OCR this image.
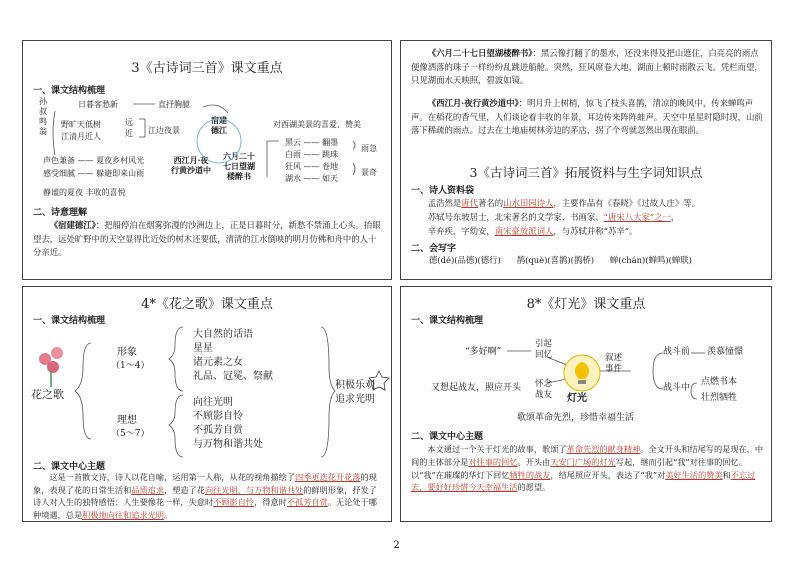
3《古诗词三首》课文重点
一、课文结构梳理
孙
叔
鸣
翁
日暮客愁新
野旷天低树
江清月近人
直抒胸臆
江边夜景
远
近
声色兼备 —— 夏夜乡村风光
感受细腻 —— 躲避即来山雨
静谧的夏夜 丰收的喜悦
宿建
德江
西江月·夜
行黄沙道中
六月二十
七日望湖
楼醉书
对西湖美景的喜爱、赞美
黑云 —— 翻墨
白雨 —— 跳珠
狂风 —— 卷地
湖水 —— 如天
雨急
景奇
二、诗意理解
《宿建德江》：把船停泊在烟雾弥漫的沙洲边上，正是日暮时分，新愁不禁涌上心头。抬眼望去，远处旷野中的天空显得比近处的树木还要低，清清的江水倒映的明月仿佛和舟中的人十分亲近。
《六月二十七日望湖楼醉书》：黑云像打翻了的墨水，还没来得及把山遮住，白亮亮的雨点便像洒落的珠子一样纷纷乱跳进船舱。突然，狂风席卷大地，湖面上顿时雨散云飞。凭栏而望，只见湖面水天映照，碧波如镜。
《西江月·夜行黄沙道中》：明月升上树梢，惊飞了枝头喜鹊，清凉的晚风中，传来蝉鸣声声。在稻花的香气里，人们谈论着丰收的年景，耳边传来阵阵蛙声。天空中星星时隐时现，山前落下稀疏的雨点。过去在土地庙树林旁边的茅店，拐了个弯就忽然出现在眼前。
3《古诗词三首》拓展资料与生字词知识点
一、诗人资料袋
孟浩然是唐代著名的山水田园诗人，主要作品有《春晓》《过故人庄》等。
苏轼号东坡居士，北宋著名的文学家、书画家、“唐宋八大家”之一，
辛弃疾，字幼安，南宋豪放派词人，与苏轼并称“苏辛”。
二、会写字
德(dé)(品德)(德行)      鹊(què)(喜鹊)(鹊桥)      蝉(chán)(蝉鸣)(蝉联)
4*《花之歌》课文重点
一、课文结构梳理
花之歌
形象
（1～4）
理想
（5～7）
大自然的话语
星星
诸元素之女
礼品、冠冕、祭献
向往光明
不顾影自怜
不孤芳自赏
与万物和谐共处
积极乐观
追求光明
二、课文中心主题
这是一首散文诗，诗人以花自喻，运用第一人称，从花的视角描绘了四季更迭花开花落的现象，表现了花的日常生活和品质追求，塑造了花向往光明、与万物和谐共处的鲜明形象，抒发了诗人对人生的独特感悟：人生要像花一样，失意时不顾影自怜，得意时不孤芳自赏。无论处于哪种境遇，总是积极地向往和追求光明。
8*《灯光》课文重点
一、课文结构梳理
“多好啊”
引起
回忆
又想起战友，照应开头 怀念
战友
叙述
事件
灯光
战斗前
战斗中
羡慕憧憬
点燃书本
壮烈牺牲
歌颂革命先烈，珍惜幸福生活
二、课文中心主题
本文通过一个关于灯光的故事，歌颂了革命先烈的献身精神。全文开头和结尾写的是现在，中间的主体部分是对往事的回忆。开头由天安门广场的灯光写起，继而引起“我”对往事的回忆。以“我”在璀璨的华灯下回忆牺牲的战友，结尾照应开头，表达了“我”对美好生活的赞美和不忘过去，要好好珍惜今天幸福生活的愿望。
2
